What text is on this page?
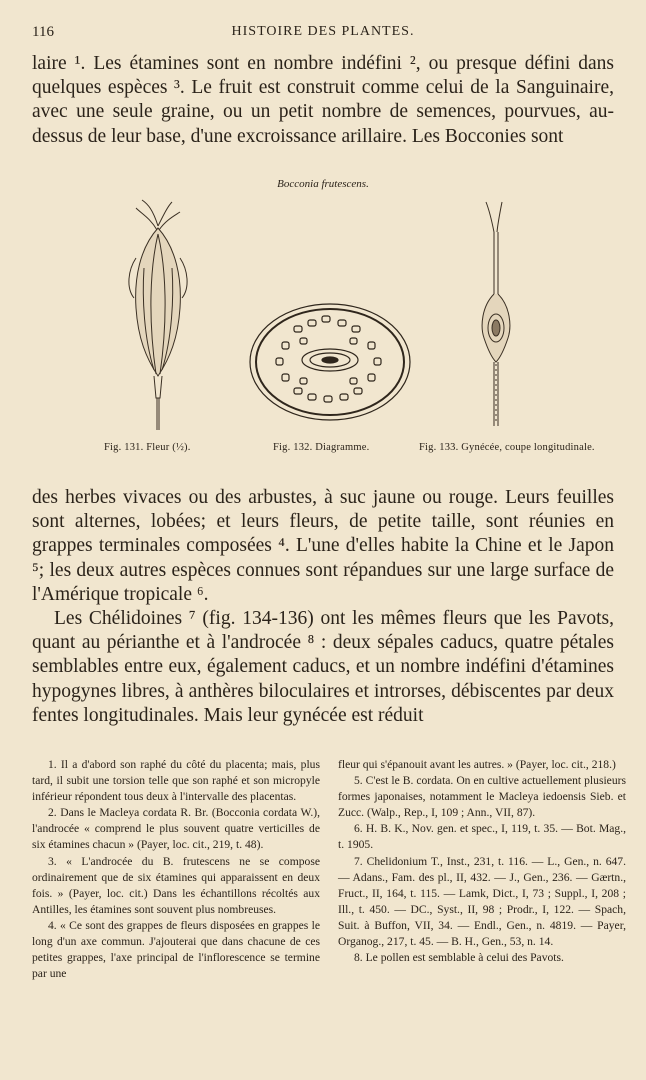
116	HISTOIRE DES PLANTES.

laire ¹. Les étamines sont en nombre indéfini ², ou presque défini dans quelques espèces ³. Le fruit est construit comme celui de la Sanguinaire, avec une seule graine, ou un petit nombre de semences, pourvues, au-dessus de leur base, d'une excroissance arillaire. Les Bocconies sont

Bocconia frutescens.
Fig. 131. Fleur (½).	Fig. 132. Diagramme.	Fig. 133. Gynécée, coupe longitudinale.

des herbes vivaces ou des arbustes, à suc jaune ou rouge. Leurs feuilles sont alternes, lobées; et leurs fleurs, de petite taille, sont réunies en grappes terminales composées ⁴. L'une d'elles habite la Chine et le Japon ⁵; les deux autres espèces connues sont répandues sur une large surface de l'Amérique tropicale ⁶.

Les Chélidoines ⁷ (fig. 134-136) ont les mêmes fleurs que les Pavots, quant au périanthe et à l'androcée ⁸ : deux sépales caducs, quatre pétales semblables entre eux, également caducs, et un nombre indéfini d'étamines hypogynes libres, à anthères biloculaires et introrses, débiscentes par deux fentes longitudinales. Mais leur gynécée est réduit

1. Il a d'abord son raphé du côté du placenta; mais, plus tard, il subit une torsion telle que son raphé et son micropyle inférieur répondent tous deux à l'intervalle des placentas.

2. Dans le Macleya cordata R. Br. (Bocconia cordata W.), l'androcée « comprend le plus souvent quatre verticilles de six étamines chacun » (Payer, loc. cit., 219, t. 48).

3. « L'androcée du B. frutescens ne se compose ordinairement que de six étamines qui apparaissent en deux fois. » (Payer, loc. cit.) Dans les échantillons récoltés aux Antilles, les étamines sont souvent plus nombreuses.

4. « Ce sont des grappes de fleurs disposées en grappes le long d'un axe commun. J'ajouterai que dans chacune de ces petites grappes, l'axe principal de l'inflorescence se termine par une

fleur qui s'épanouit avant les autres. » (Payer, loc. cit., 218.)

5. C'est le B. cordata. On en cultive actuellement plusieurs formes japonaises, notamment le Macleya iedoensis Sieb. et Zucc. (Walp., Rep., I, 109 ; Ann., VII, 87).

6. H. B. K., Nov. gen. et spec., I, 119, t. 35. — Bot. Mag., t. 1905.

7. Chelidonium T., Inst., 231, t. 116. — L., Gen., n. 647. — Adans., Fam. des pl., II, 432. — J., Gen., 236. — Gærtn., Fruct., II, 164, t. 115. — Lamk, Dict., I, 73 ; Suppl., I, 208 ; Ill., t. 450. — DC., Syst., II, 98 ; Prodr., I, 122. — Spach, Suit. à Buffon, VII, 34. — Endl., Gen., n. 4819. — Payer, Organog., 217, t. 45. — B. H., Gen., 53, n. 14.

8. Le pollen est semblable à celui des Pavots.
